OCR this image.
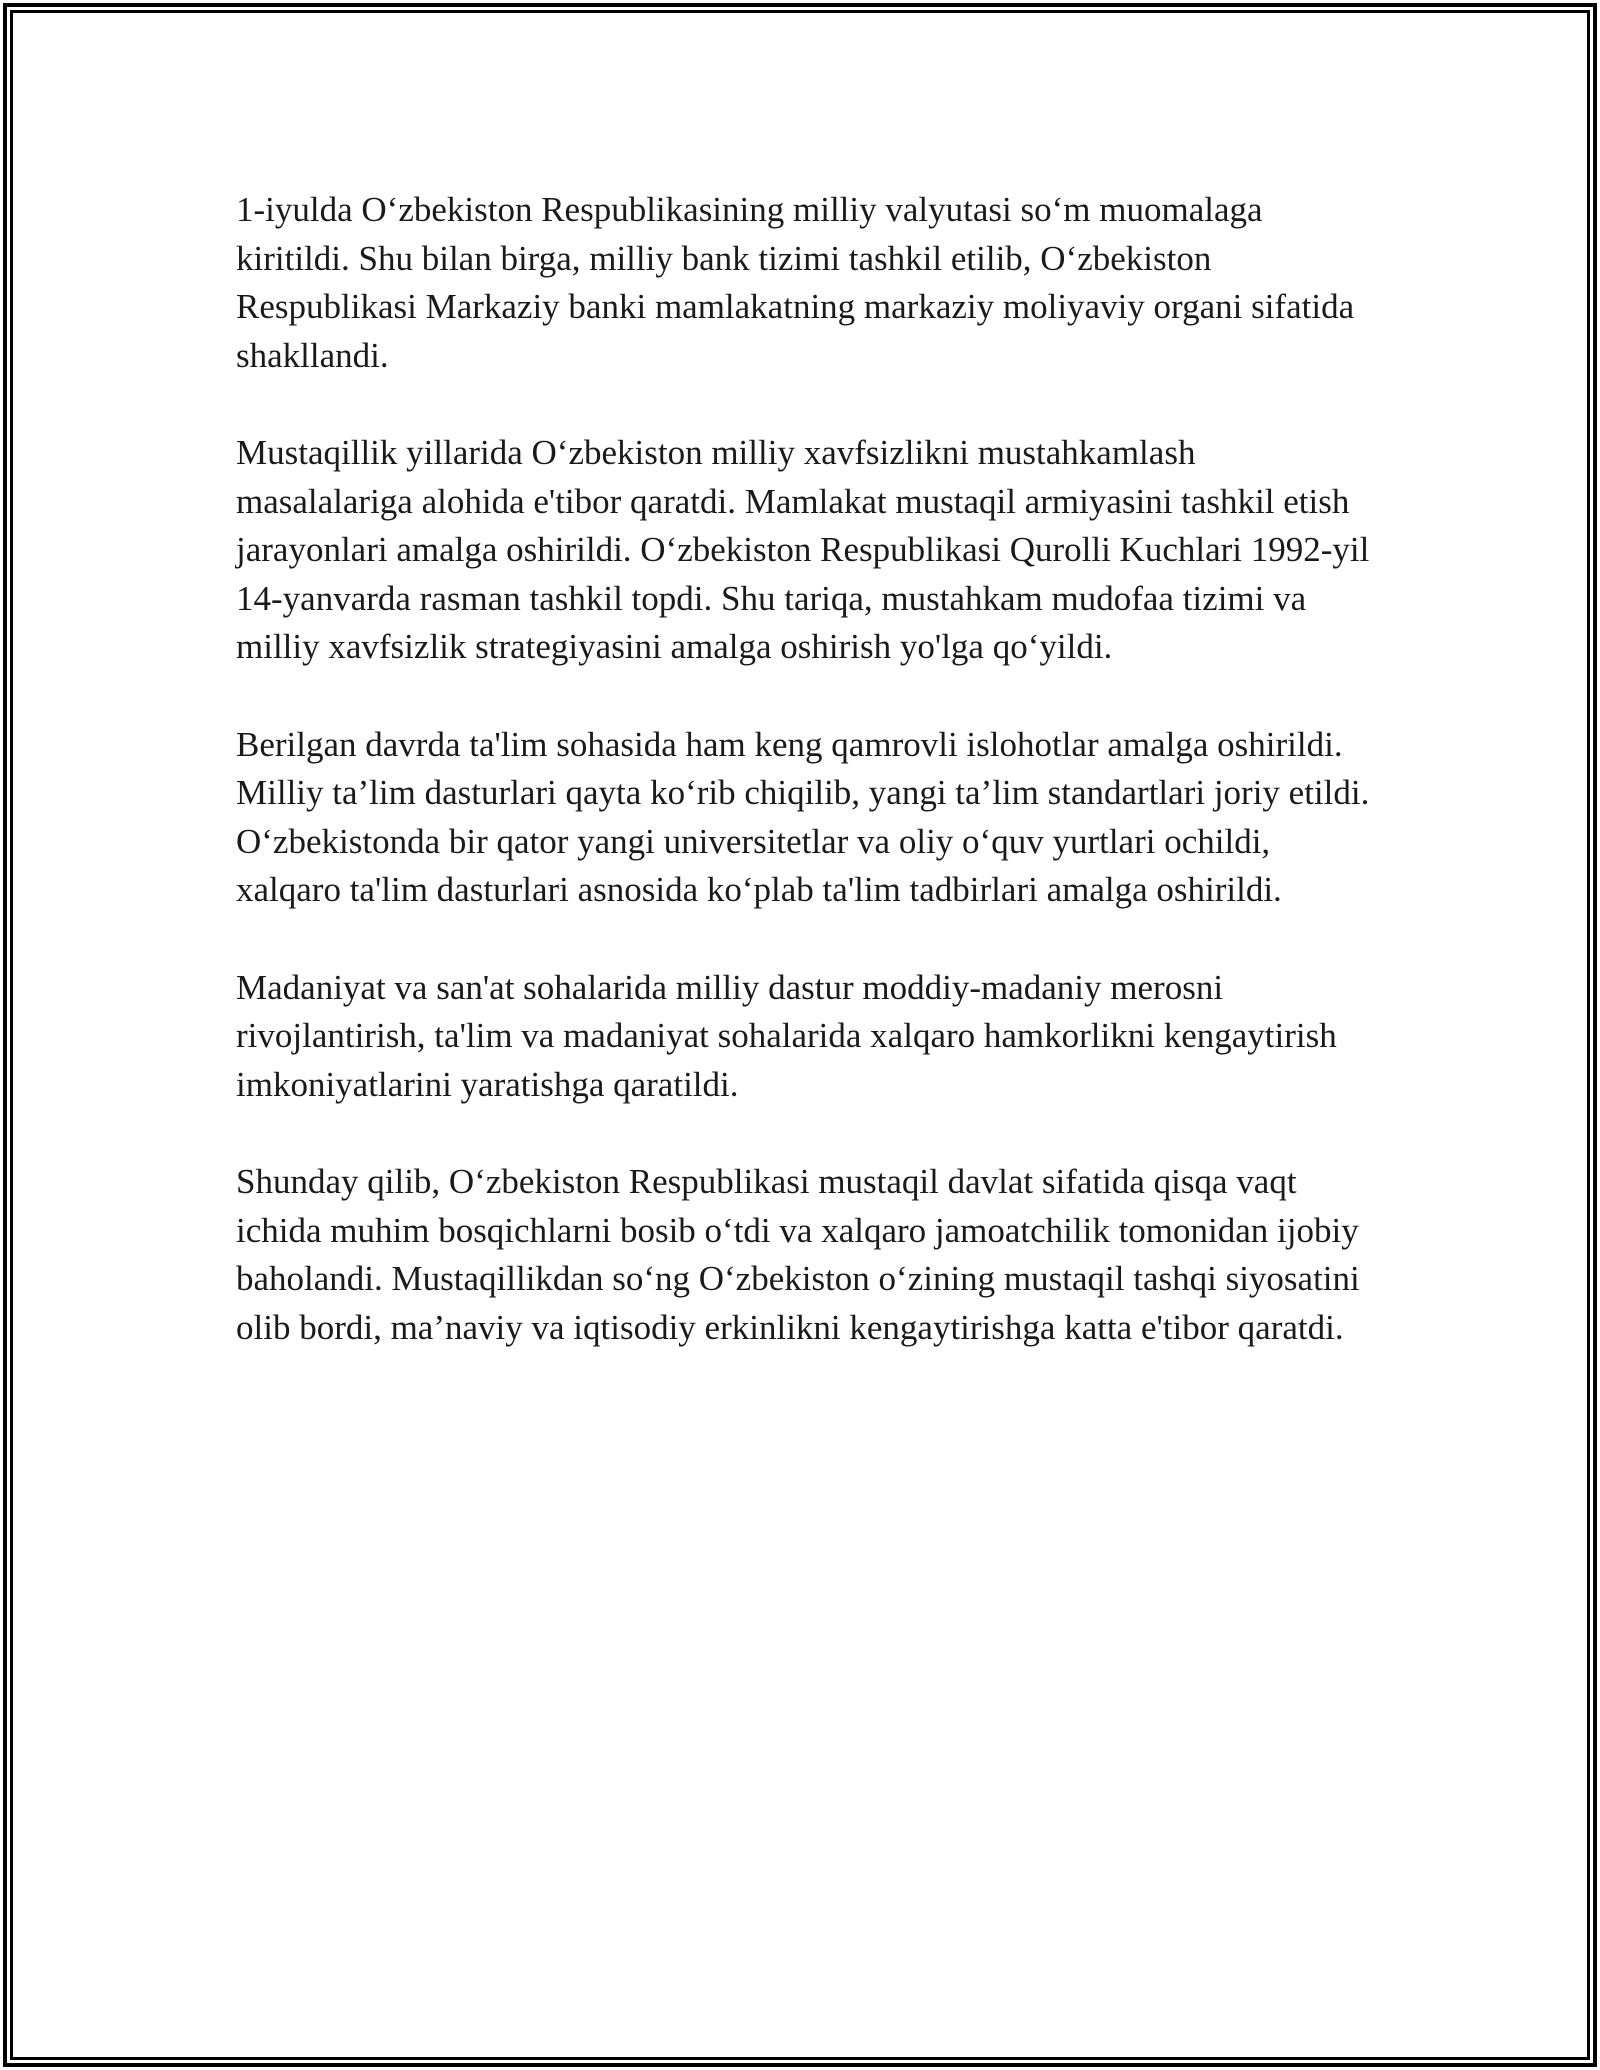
1-iyulda O‘zbekiston Respublikasining milliy valyutasi so‘m muomalaga kiritildi. Shu bilan birga, milliy bank tizimi tashkil etilib, O‘zbekiston Respublikasi Markaziy banki mamlakatning markaziy moliyaviy organi sifatida shakllandi.

Mustaqillik yillarida O‘zbekiston milliy xavfsizlikni mustahkamlash masalalariga alohida e'tibor qaratdi. Mamlakat mustaqil armiyasini tashkil etish jarayonlari amalga oshirildi. O‘zbekiston Respublikasi Qurolli Kuchlari 1992-yil 14-yanvarda rasman tashkil topdi. Shu tariqa, mustahkam mudofaa tizimi va milliy xavfsizlik strategiyasini amalga oshirish yo'lga qo‘yildi.

Berilgan davrda ta'lim sohasida ham keng qamrovli islohotlar amalga oshirildi. Milliy ta’lim dasturlari qayta ko‘rib chiqilib, yangi ta’lim standartlari joriy etildi. O‘zbekistonda bir qator yangi universitetlar va oliy o‘quv yurtlari ochildi, xalqaro ta'lim dasturlari asnosida ko‘plab ta'lim tadbirlari amalga oshirildi.

Madaniyat va san'at sohalarida milliy dastur moddiy-madaniy merosni rivojlantirish, ta'lim va madaniyat sohalarida xalqaro hamkorlikni kengaytirish imkoniyatlarini yaratishga qaratildi.

Shunday qilib, O‘zbekiston Respublikasi mustaqil davlat sifatida qisqa vaqt ichida muhim bosqichlarni bosib o‘tdi va xalqaro jamoatchilik tomonidan ijobiy baholandi. Mustaqillikdan so‘ng O‘zbekiston o‘zining mustaqil tashqi siyosatini olib bordi, ma’naviy va iqtisodiy erkinlikni kengaytirishga katta e'tibor qaratdi.
